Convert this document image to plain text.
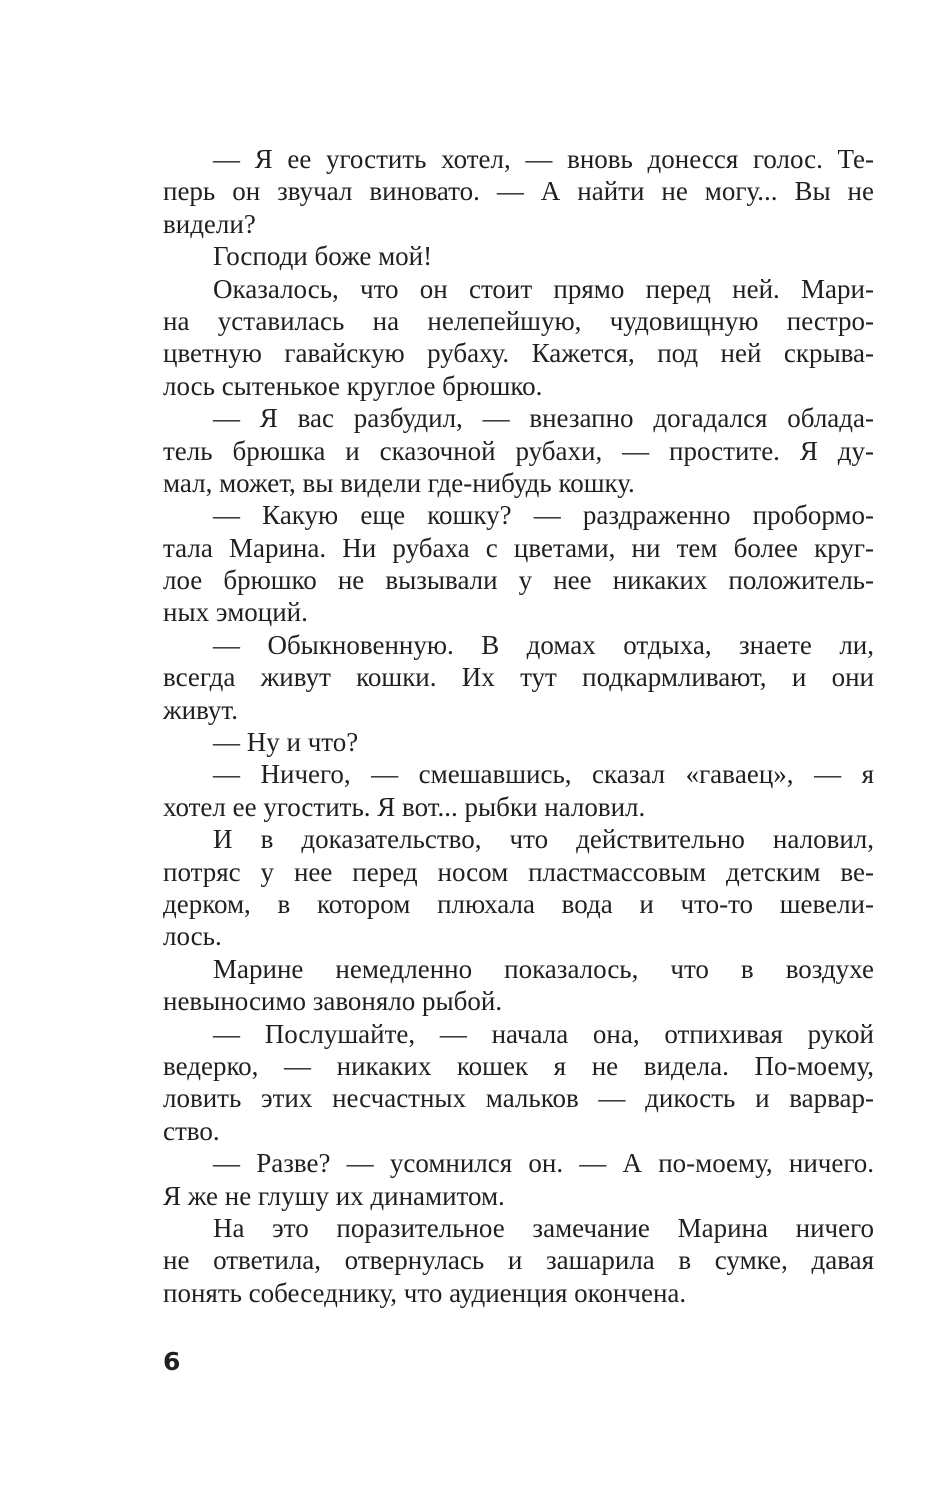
— Я ее угостить хотел, — вновь донесся голос. Те-
перь он звучал виновато. — А найти не могу... Вы не
видели?
Господи боже мой!
Оказалось, что он стоит прямо перед ней. Мари-
на уставилась на нелепейшую, чудовищную пестро-
цветную гавайскую рубаху. Кажется, под ней скрыва-
лось сытенькое круглое брюшко.
— Я вас разбудил, — внезапно догадался облада-
тель брюшка и сказочной рубахи, — простите. Я ду-
мал, может, вы видели где-нибудь кошку.
— Какую еще кошку? — раздраженно пробормо-
тала Марина. Ни рубаха с цветами, ни тем более круг-
лое брюшко не вызывали у нее никаких положитель-
ных эмоций.
— Обыкновенную. В домах отдыха, знаете ли,
всегда живут кошки. Их тут подкармливают, и они
живут.
— Ну и что?
— Ничего, — смешавшись, сказал «гавaец», — я
хотел ее угостить. Я вот... рыбки наловил.
И в доказательство, что действительно наловил,
потряс у нее перед носом пластмассовым детским ве-
дерком, в котором плюхала вода и что-то шевели-
лось.
Марине немедленно показалось, что в воздухе
невыносимо завоняло рыбой.
— Послушайте, — начала она, отпихивая рукой
ведерко, — никаких кошек я не видела. По-моему,
ловить этих несчастных мальков — дикость и варвар-
ство.
— Разве? — усомнился он. — А по-моему, ничего.
Я же не глушу их динамитом.
На это поразительное замечание Марина ничего
не ответила, отвернулась и зашарила в сумке, давая
понять собеседнику, что аудиенция окончена.
6
